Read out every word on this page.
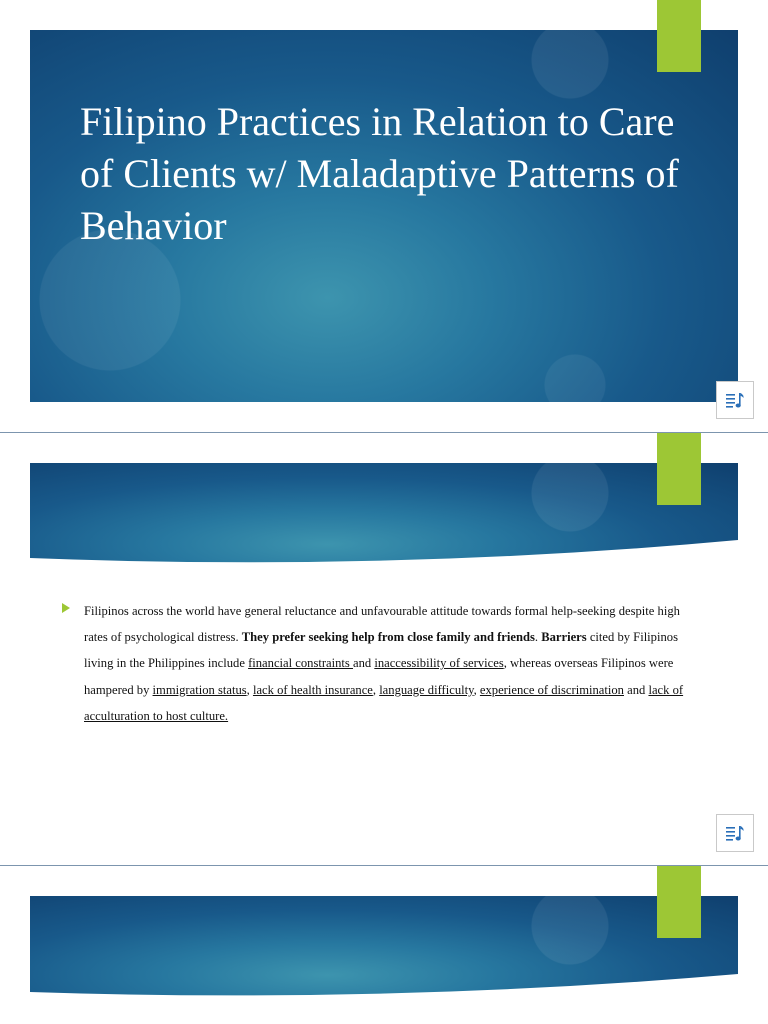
Filipino Practices in Relation to Care of Clients w/ Maladaptive Patterns of Behavior

Filipinos across the world have general reluctance and unfavourable attitude towards formal help-seeking despite high rates of psychological distress. They prefer seeking help from close family and friends. Barriers cited by Filipinos living in the Philippines include financial constraints and inaccessibility of services, whereas overseas Filipinos were hampered by immigration status, lack of health insurance, language difficulty, experience of discrimination and lack of acculturation to host culture.
